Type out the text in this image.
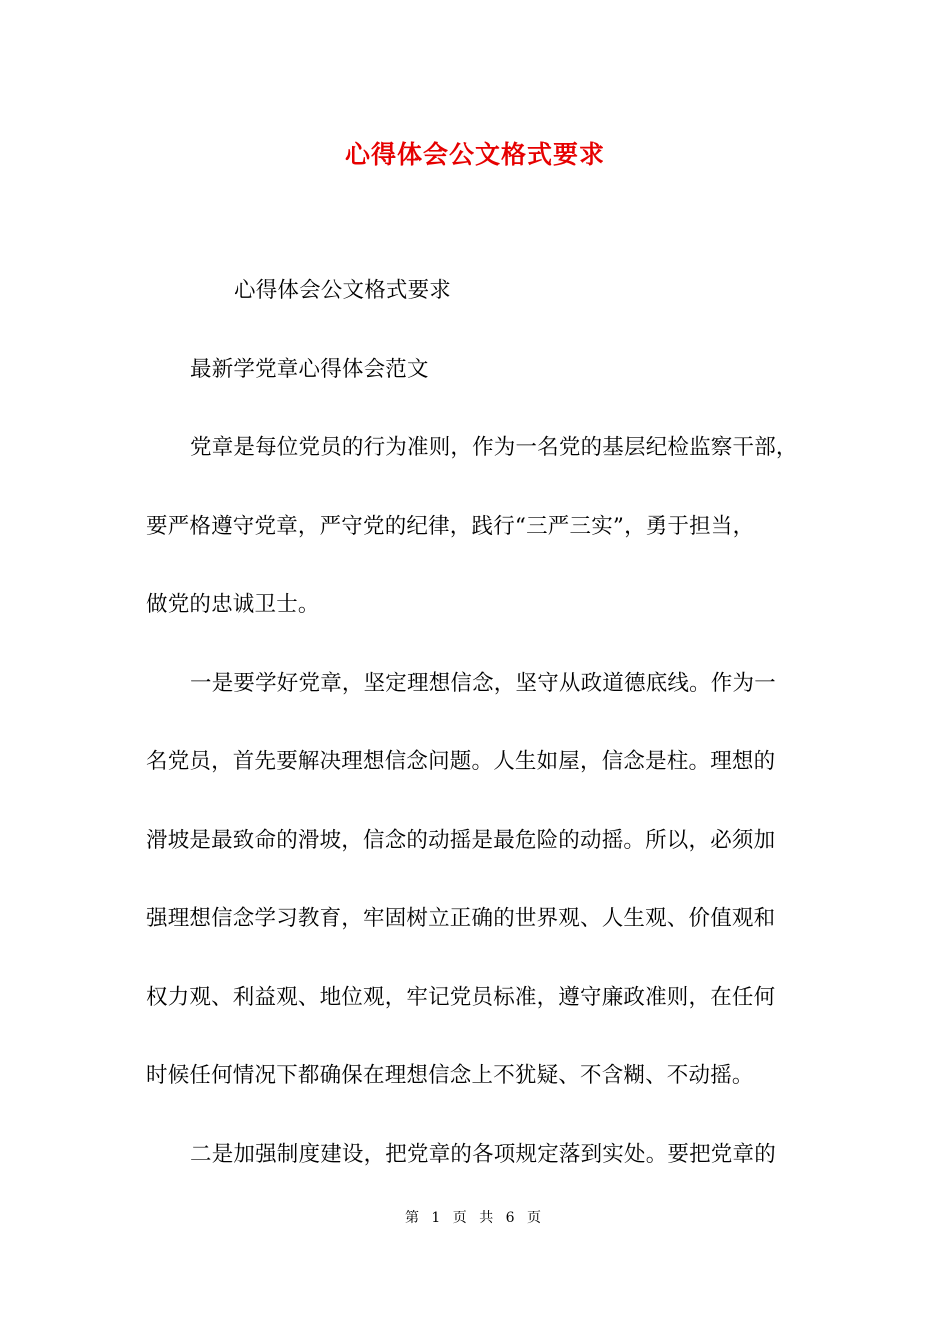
心得体会公文格式要求
心得体会公文格式要求
最新学党章心得体会范文
党章是每位党员的行为准则，作为一名党的基层纪检监察干部，
要严格遵守党章，严守党的纪律，践行“三严三实”，勇于担当，
做党的忠诚卫士。
一是要学好党章，坚定理想信念，坚守从政道德底线。作为一
名党员，首先要解决理想信念问题。人生如屋，信念是柱。理想的
滑坡是最致命的滑坡，信念的动摇是最危险的动摇。所以，必须加
强理想信念学习教育，牢固树立正确的世界观、人生观、价值观和
权力观、利益观、地位观，牢记党员标准，遵守廉政准则，在任何
时候任何情况下都确保在理想信念上不犹疑、不含糊、不动摇。
二是加强制度建设，把党章的各项规定落到实处。要把党章的
第 1 页 共 6 页
